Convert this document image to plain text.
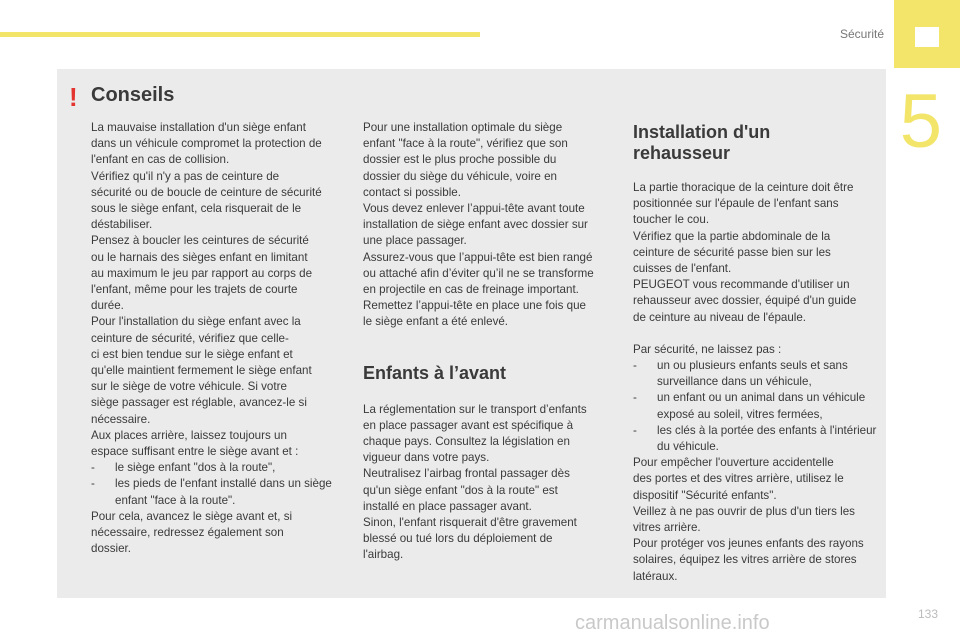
Sécurité
5
! Conseils

La mauvaise installation d'un siège enfant
dans un véhicule compromet la protection de
l'enfant en cas de collision.
Vérifiez qu'il n'y a pas de ceinture de
sécurité ou de boucle de ceinture de sécurité
sous le siège enfant, cela risquerait de le
déstabiliser.
Pensez à boucler les ceintures de sécurité
ou le harnais des sièges enfant en limitant
au maximum le jeu par rapport au corps de
l'enfant, même pour les trajets de courte
durée.
Pour l'installation du siège enfant avec la
ceinture de sécurité, vérifiez que celle-
ci est bien tendue sur le siège enfant et
qu'elle maintient fermement le siège enfant
sur le siège de votre véhicule. Si votre
siège passager est réglable, avancez-le si
nécessaire.
Aux places arrière, laissez toujours un
espace suffisant entre le siège avant et :

-	le siège enfant "dos à la route",
-	les pieds de l'enfant installé dans un siège enfant "face à la route".

Pour cela, avancez le siège avant et, si
nécessaire, redressez également son
dossier.

Pour une installation optimale du siège
enfant "face à la route", vérifiez que son
dossier est le plus proche possible du
dossier du siège du véhicule, voire en
contact si possible.
Vous devez enlever l’appui-tête avant toute
installation de siège enfant avec dossier sur
une place passager.
Assurez-vous que l’appui-tête est bien rangé
ou attaché afin d’éviter qu’il ne se transforme
en projectile en cas de freinage important.
Remettez l’appui-tête en place une fois que
le siège enfant a été enlevé.

Enfants à l’avant

La réglementation sur le transport d’enfants
en place passager avant est spécifique à
chaque pays. Consultez la législation en
vigueur dans votre pays.
Neutralisez l’airbag frontal passager dès
qu'un siège enfant "dos à la route" est
installé en place passager avant.
Sinon, l'enfant risquerait d'être gravement
blessé ou tué lors du déploiement de
l'airbag.

Installation d'un
rehausseur

La partie thoracique de la ceinture doit être
positionnée sur l'épaule de l'enfant sans
toucher le cou.
Vérifiez que la partie abdominale de la
ceinture de sécurité passe bien sur les
cuisses de l'enfant.
PEUGEOT vous recommande d'utiliser un
rehausseur avec dossier, équipé d'un guide
de ceinture au niveau de l'épaule.

Par sécurité, ne laissez pas :

-	un ou plusieurs enfants seuls et sans surveillance dans un véhicule,
-	un enfant ou un animal dans un véhicule exposé au soleil, vitres fermées,
-	les clés à la portée des enfants à l'intérieur du véhicule.

Pour empêcher l'ouverture accidentelle
des portes et des vitres arrière, utilisez le
dispositif "Sécurité enfants".
Veillez à ne pas ouvrir de plus d'un tiers les
vitres arrière.
Pour protéger vos jeunes enfants des rayons
solaires, équipez les vitres arrière de stores
latéraux.

carmanualsonline.info	133
